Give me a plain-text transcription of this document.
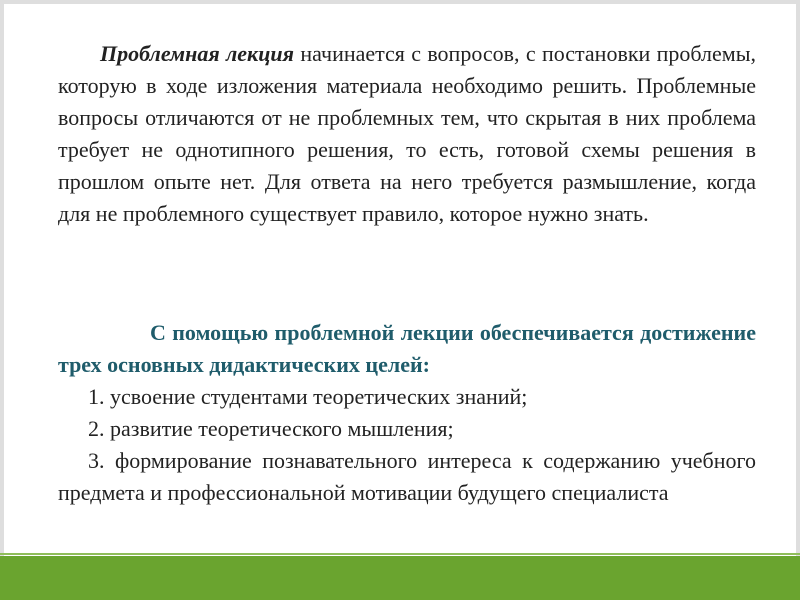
Проблемная лекция начинается с вопросов, с постановки проблемы, которую в ходе изложения материала необходимо решить. Проблемные вопросы отличаются от не проблемных тем, что скрытая в них проблема требует не однотипного решения, то есть, готовой схемы решения в прошлом опыте нет. Для ответа на него требуется размышление, когда для не проблемного существует правило, которое нужно знать.

С помощью проблемной лекции обеспечивается достижение трех основных дидактических целей:

1. усвоение студентами теоретических знаний;

2. развитие теоретического мышления;

3. формирование познавательного интереса к содержанию учебного предмета и профессиональной мотивации будущего специалиста
